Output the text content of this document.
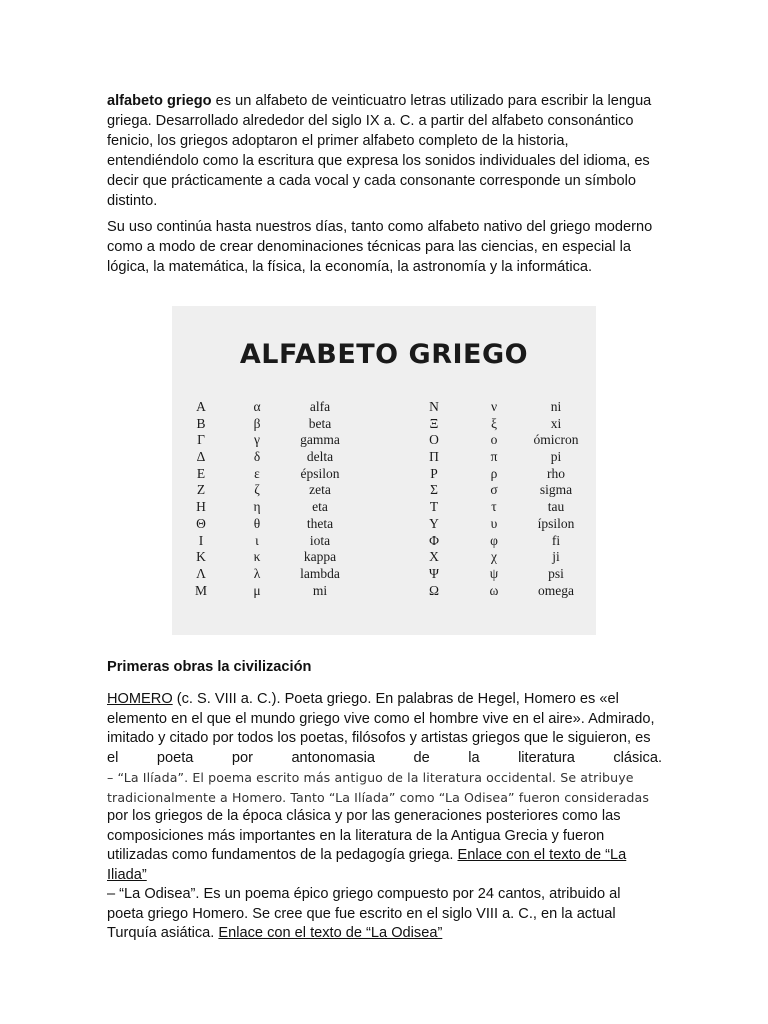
alfabeto griego es un alfabeto de veinticuatro letras utilizado para escribir la lengua griega. Desarrollado alrededor del siglo IX a. C. a partir del alfabeto consonántico fenicio, los griegos adoptaron el primer alfabeto completo de la historia, entendiéndolo como la escritura que expresa los sonidos individuales del idioma, es decir que prácticamente a cada vocal y cada consonante corresponde un símbolo distinto.
Su uso continúa hasta nuestros días, tanto como alfabeto nativo del griego moderno como a modo de crear denominaciones técnicas para las ciencias, en especial la lógica, la matemática, la física, la economía, la astronomía y la informática.
ALFABETO GRIEGO
Α
Β
Γ
Δ
Ε
Ζ
Η
Θ
Ι
Κ
Λ
Μ
α
β
γ
δ
ε
ζ
η
θ
ι
κ
λ
μ
alfa
beta
gamma
delta
épsilon
zeta
eta
theta
iota
kappa
lambda
mi
Ν
Ξ
Ο
Π
Ρ
Σ
Τ
Υ
Φ
Χ
Ψ
Ω
ν
ξ
ο
π
ρ
σ
τ
υ
φ
χ
ψ
ω
ni
xi
ómicron
pi
rho
sigma
tau
ípsilon
fi
ji
psi
omega
Primeras obras la civilización
HOMERO (c. S. VIII a. C.). Poeta griego. En palabras de Hegel, Homero es «el
elemento en el que el mundo griego vive como el hombre vive en el aire». Admirado,
imitado y citado por todos los poetas, filósofos y artistas griegos que le siguieron, es
el poeta por antonomasia de la literatura clásica.
– “La Ilíada”. El poema escrito más antiguo de la literatura occidental. Se atribuye
tradicionalmente a Homero. Tanto “La Ilíada” como “La Odisea” fueron consideradas
por los griegos de la época clásica y por las generaciones posteriores como las
composiciones más importantes en la literatura de la Antigua Grecia y fueron
utilizadas como fundamentos de la pedagogía griega. Enlace con el texto de “La
Iliada”
– “La Odisea”. Es un poema épico griego compuesto por 24 cantos, atribuido al
poeta griego Homero. Se cree que fue escrito en el siglo VIII a. C., en la actual
Turquía asiática. Enlace con el texto de “La Odisea”
